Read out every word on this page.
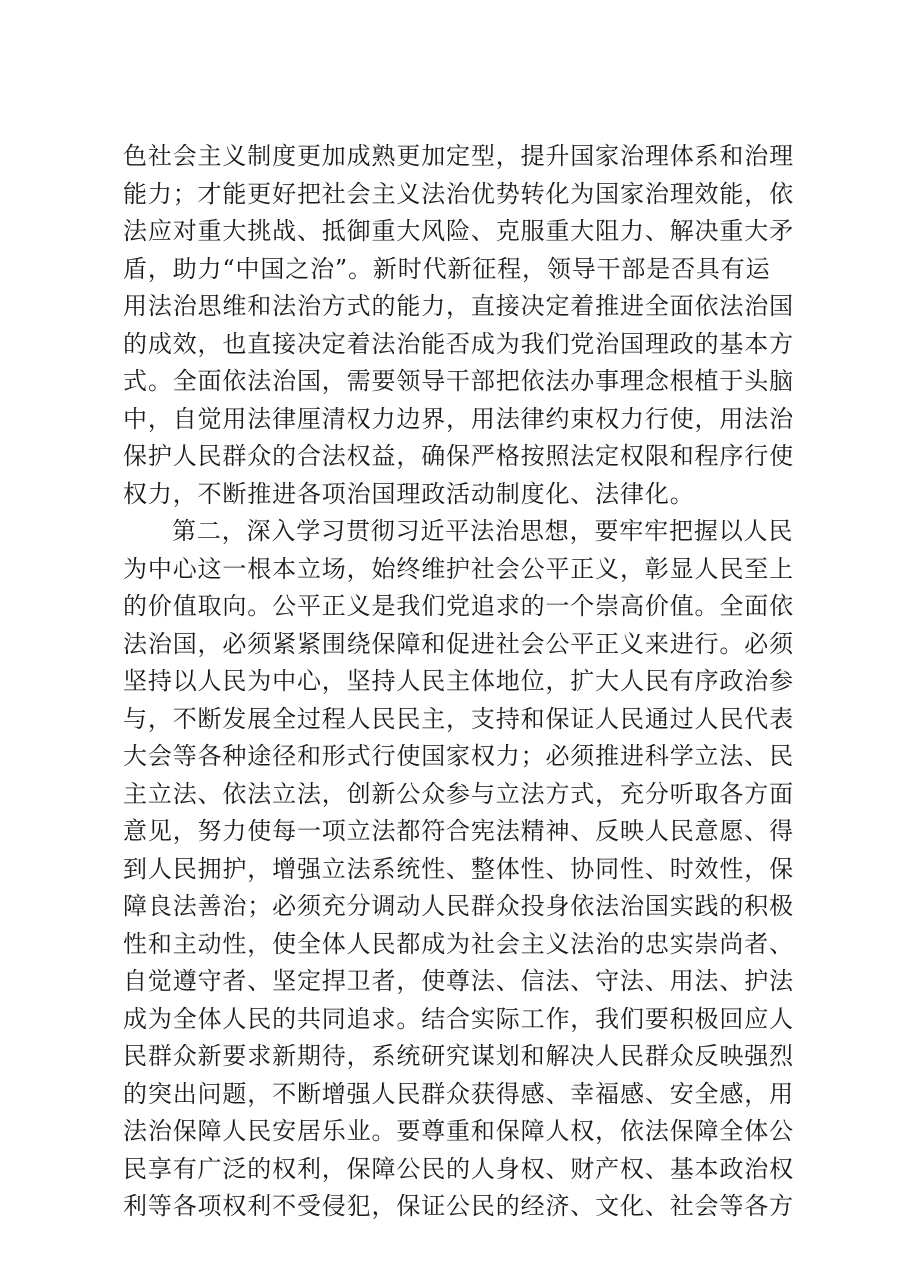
色社会主义制度更加成熟更加定型，提升国家治理体系和治理
能力；才能更好把社会主义法治优势转化为国家治理效能，依
法应对重大挑战、抵御重大风险、克服重大阻力、解决重大矛
盾，助力“中国之治”。新时代新征程，领导干部是否具有运
用法治思维和法治方式的能力，直接决定着推进全面依法治国
的成效，也直接决定着法治能否成为我们党治国理政的基本方
式。全面依法治国，需要领导干部把依法办事理念根植于头脑
中，自觉用法律厘清权力边界，用法律约束权力行使，用法治
保护人民群众的合法权益，确保严格按照法定权限和程序行使
权力，不断推进各项治国理政活动制度化、法律化。
第二，深入学习贯彻习近平法治思想，要牢牢把握以人民
为中心这一根本立场，始终维护社会公平正义，彰显人民至上
的价值取向。公平正义是我们党追求的一个崇高价值。全面依
法治国，必须紧紧围绕保障和促进社会公平正义来进行。必须
坚持以人民为中心，坚持人民主体地位，扩大人民有序政治参
与，不断发展全过程人民民主，支持和保证人民通过人民代表
大会等各种途径和形式行使国家权力；必须推进科学立法、民
主立法、依法立法，创新公众参与立法方式，充分听取各方面
意见，努力使每一项立法都符合宪法精神、反映人民意愿、得
到人民拥护，增强立法系统性、整体性、协同性、时效性，保
障良法善治；必须充分调动人民群众投身依法治国实践的积极
性和主动性，使全体人民都成为社会主义法治的忠实崇尚者、
自觉遵守者、坚定捍卫者，使尊法、信法、守法、用法、护法
成为全体人民的共同追求。结合实际工作，我们要积极回应人
民群众新要求新期待，系统研究谋划和解决人民群众反映强烈
的突出问题，不断增强人民群众获得感、幸福感、安全感，用
法治保障人民安居乐业。要尊重和保障人权，依法保障全体公
民享有广泛的权利，保障公民的人身权、财产权、基本政治权
利等各项权利不受侵犯，保证公民的经济、文化、社会等各方
